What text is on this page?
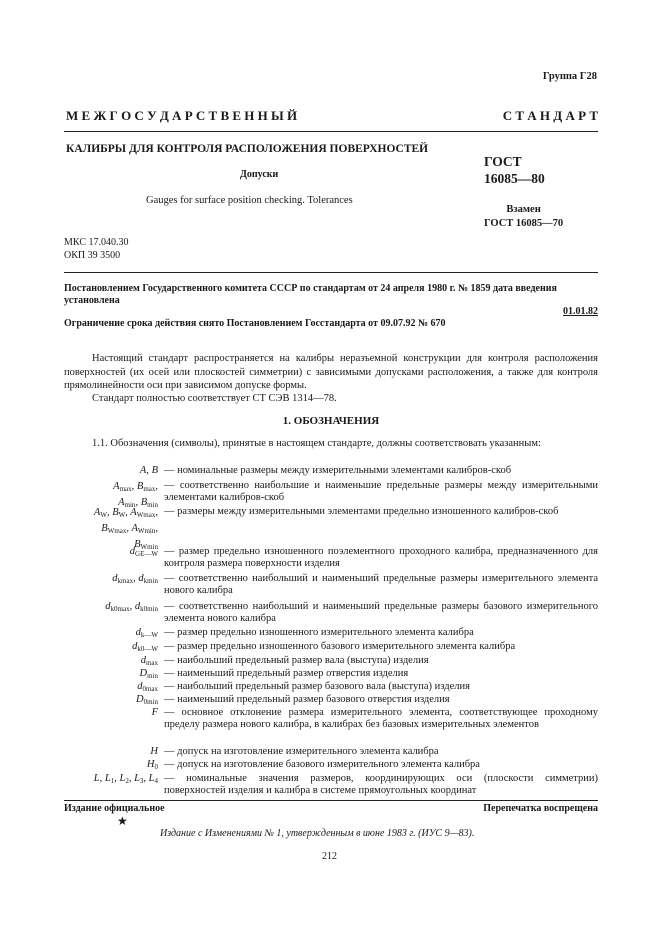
Группа Г28
М Е Ж Г О С У Д А Р С Т В Е Н Н Ы Й	С Т А Н Д А Р Т
КАЛИБРЫ ДЛЯ КОНТРОЛЯ РАСПОЛОЖЕНИЯ ПОВЕРХНОСТЕЙ
ГОСТ
16085—80
Допуски
Gauges for surface position checking. Tolerances
Взамен
ГОСТ 16085—70
МКС 17.040.30
ОКП 39 3500
Постановлением Государственного комитета СССР по стандартам от 24 апреля 1980 г. № 1859 дата введения установлена
01.01.82
Ограничение срока действия снято Постановлением Госстандарта от 09.07.92 № 670
Настоящий стандарт распространяется на калибры неразъемной конструкции для контроля расположения поверхностей (их осей или плоскостей симметрии) с зависимыми допусками расположения, а также для контроля прямолинейности оси при зависимом допуске формы.
Стандарт полностью соответствует СТ СЭВ 1314—78.
1. ОБОЗНАЧЕНИЯ
1.1. Обозначения (символы), принятые в настоящем стандарте, должны соответствовать указанным:
A, B — номинальные размеры между измерительными элементами калибров-скоб
$A_{max}$, $B_{max}$,
$A_{min}$, $B_{min}$
— соответственно наибольшие и наименьшие предельные размеры между измерительными элементами калибров-скоб
$A_W$, $B_W$, $A_{Wmax}$,
$B_{Wmax}$, $A_{Wmin}$,
$B_{Wmin}$
— размеры между измерительными элементами предельно изношенного калибров-скоб
$d_{GE—W}$ — размер предельно изношенного поэлементного проходного калибра, предназначенного для контроля размера поверхности изделия
$d_{kmax}$, $d_{kmin}$ — соответственно наибольший и наименьший предельные размеры измерительного элемента нового калибра
$d_{k0max}$, $d_{k0min}$ — соответственно наибольший и наименьший предельные размеры базового измерительного элемента нового калибра
$d_{k—W}$ — размер предельно изношенного измерительного элемента калибра
$d_{k0—W}$ — размер предельно изношенного базового измерительного элемента калибра
$d_{max}$ — наибольший предельный размер вала (выступа) изделия
$D_{min}$ — наименьший предельный размер отверстия изделия
$d_{0max}$ — наибольший предельный размер базового вала (выступа) изделия
$D_{0min}$ — наименьший предельный размер базового отверстия изделия
F — основное отклонение размера измерительного элемента, соответствующее проходному пределу размера нового калибра, в калибрах без базовых измерительных элементов
H — допуск на изготовление измерительного элемента калибра
$H_0$ — допуск на изготовление базового измерительного элемента калибра
L, $L_1$, $L_2$, $L_3$, $L_4$ — номинальные значения размеров, координирующих оси (плоскости симметрии) поверхностей изделия и калибра в системе прямоугольных координат
Издание официальное	Перепечатка воспрещена
★
Издание с Изменениями № 1, утвержденным в июне 1983 г. (ИУС 9—83).
212
